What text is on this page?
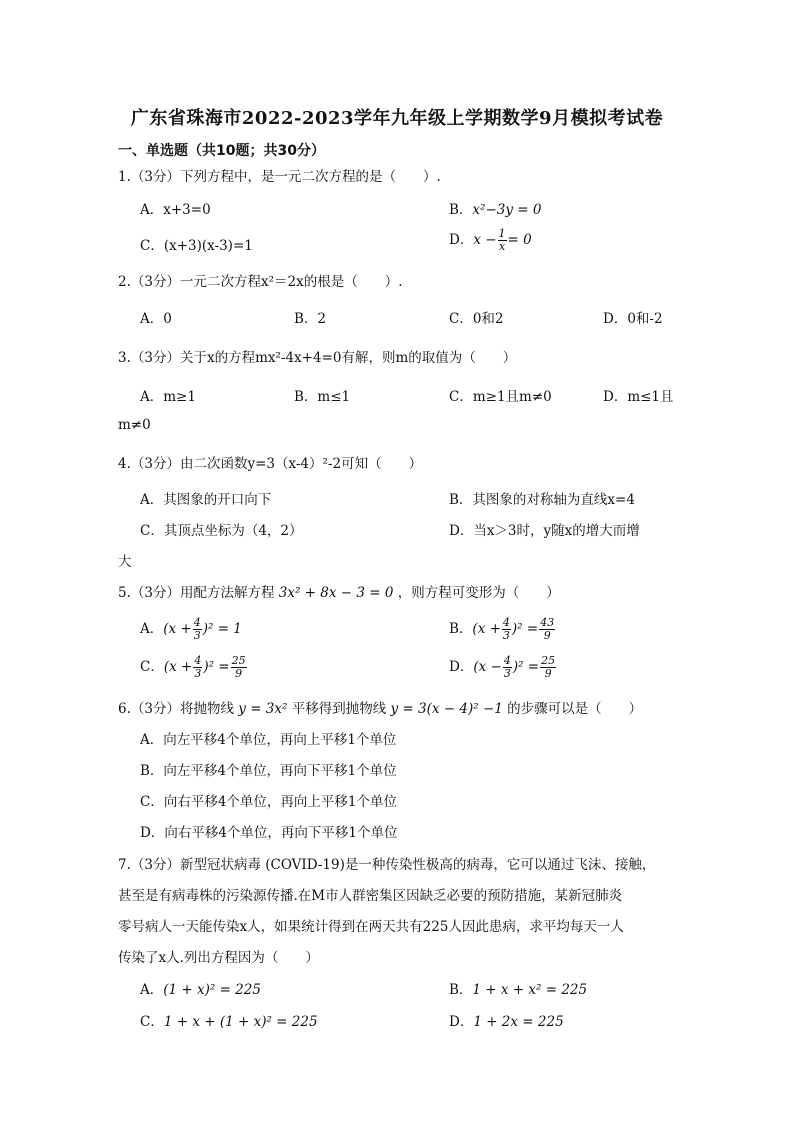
广东省珠海市2022-2023学年九年级上学期数学9月模拟考试卷
一、单选题（共10题；共30分）
1.（3分）下列方程中，是一元二次方程的是（　　）.
A．x+3=0	B．x²−3y = 0
C．(x+3)(x-3)=1	D．$x - \frac{1}{x} = 0$
2.（3分）一元二次方程x²＝2x的根是（　　）.
A．0	B．2	C．0和2	D．0和-2
3.（3分）关于x的方程mx²-4x+4=0有解，则m的取值为（　　）
A．m≥1	B．m≤1	C．m≥1且m≠0	D．m≤1且
m≠0
4.（3分）由二次函数y=3（x-4）²-2可知（　　）
A．其图象的开口向下	B．其图象的对称轴为直线x=4
C．其顶点坐标为（4，2）	D．当x＞3时，y随x的增大而增
大
5.（3分）用配方法解方程 3x² + 8x − 3 = 0 ，则方程可变形为（　　）
A．$(x + \frac{4}{3} )^2 = 1$	B．$(x + \frac{4}{3} )^2 = \frac{43}{9}$
C．$(x + \frac{4}{3} )^2 = \frac{25}{9}$	D．$(x - \frac{4}{3} )^2 = \frac{25}{9}$
6.（3分）将抛物线 y = 3x² 平移得到抛物线 y = 3(x − 4)² −1 的步骤可以是（　　）
A．向左平移4个单位，再向上平移1个单位
B．向左平移4个单位，再向下平移1个单位
C．向右平移4个单位，再向上平移1个单位
D．向右平移4个单位，再向下平移1个单位
7.（3分）新型冠状病毒 (COVID-19)是一种传染性极高的病毒，它可以通过飞沫、接触，
甚至是有病毒株的污染源传播.在M市人群密集区因缺乏必要的预防措施，某新冠肺炎
零号病人一天能传染x人，如果统计得到在两天共有225人因此患病，求平均每天一人
传染了x人.列出方程因为（　　）
A．(1 + x)² = 225	B．1 + x + x² = 225
C．1 + x + (1 + x)² = 225	D．1 + 2x = 225
